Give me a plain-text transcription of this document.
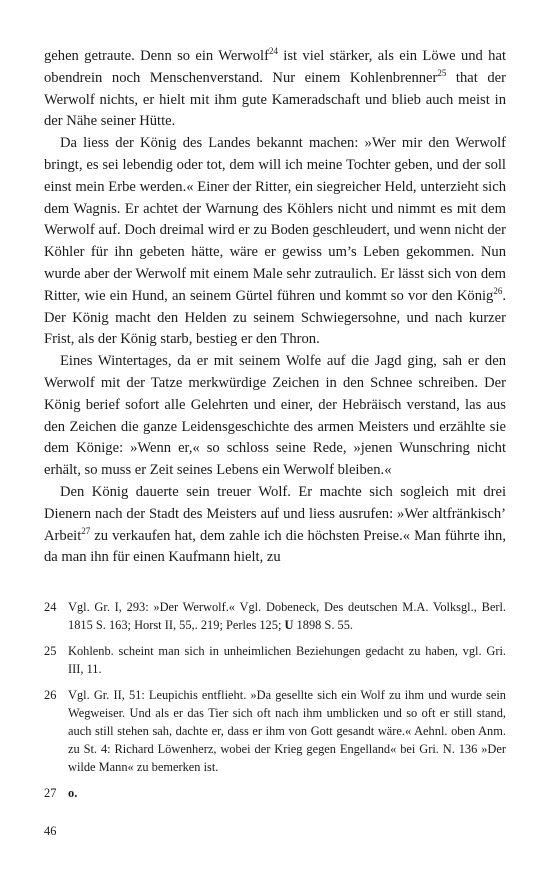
gehen getraute. Denn so ein Werwolf$^{24}$ ist viel stärker, als ein Löwe und hat obendrein noch Menschenverstand. Nur einem Kohlenbrenner$^{25}$ that der Werwolf nichts, er hielt mit ihm gute Kameradschaft und blieb auch meist in der Nähe seiner Hütte.

Da liess der König des Landes bekannt machen: »Wer mir den Werwolf bringt, es sei lebendig oder tot, dem will ich meine Tochter geben, und der soll einst mein Erbe werden.« Einer der Ritter, ein siegreicher Held, unterzieht sich dem Wagnis. Er achtet der Warnung des Köhlers nicht und nimmt es mit dem Werwolf auf. Doch dreimal wird er zu Boden geschleudert, und wenn nicht der Köhler für ihn gebeten hätte, wäre er gewiss um’s Leben gekommen. Nun wurde aber der Werwolf mit einem Male sehr zutraulich. Er lässt sich von dem Ritter, wie ein Hund, an seinem Gürtel führen und kommt so vor den König$^{26}$. Der König macht den Helden zu seinem Schwiegersohne, und nach kurzer Frist, als der König starb, bestieg er den Thron.

Eines Wintertages, da er mit seinem Wolfe auf die Jagd ging, sah er den Werwolf mit der Tatze merkwürdige Zeichen in den Schnee schreiben. Der König berief sofort alle Gelehrten und einer, der Hebräisch verstand, las aus den Zeichen die ganze Leidensgeschichte des armen Meisters und erzählte sie dem Könige: »Wenn er,« so schloss seine Rede, »jenen Wunschring nicht erhält, so muss er Zeit seines Lebens ein Werwolf bleiben.«

Den König dauerte sein treuer Wolf. Er machte sich sogleich mit drei Dienern nach der Stadt des Meisters auf und liess ausrufen: »Wer altfränkisch’ Arbeit$^{27}$ zu verkaufen hat, dem zahle ich die höchsten Preise.« Man führte ihn, da man ihn für einen Kaufmann hielt, zu

24 Vgl. Gr. I, 293: »Der Werwolf.« Vgl. Dobeneck, Des deutschen M.A. Volksgl., Berl. 1815 S. 163; Horst II, 55,. 219; Perles 125; U 1898 S. 55.
25 Kohlenb. scheint man sich in unheimlichen Beziehungen gedacht zu haben, vgl. Gri. III, 11.
26 Vgl. Gr. II, 51: Leupichis entflieht. »Da gesellte sich ein Wolf zu ihm und wurde sein Wegweiser. Und als er das Tier sich oft nach ihm umblicken und so oft er still stand, auch still stehen sah, dachte er, dass er ihm von Gott gesandt wäre.« Aehnl. oben Anm. zu St. 4: Richard Löwenherz, wobei der Krieg gegen Engelland« bei Gri. N. 136 »Der wilde Mann« zu bemerken ist.
27 o.
46
